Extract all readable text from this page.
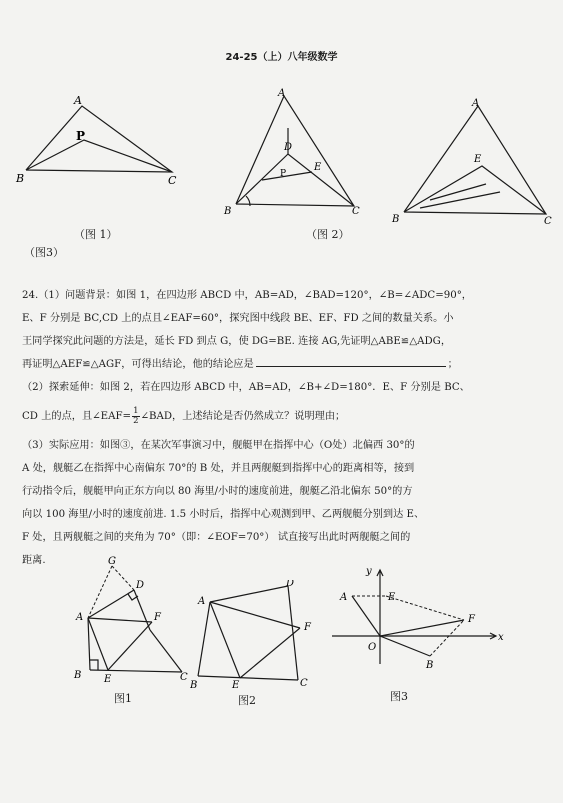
24-25（上）八年级数学
A
P
B	C
A
D
E
P
B	C
A
E
B	C
（图 1）	（图 2）
（图3）
24.（1）问题背景：如图 1，在四边形 ABCD 中，AB=AD，∠BAD=120°，∠B=∠ADC=90°，
E、F 分别是 BC,CD 上的点且∠EAF=60°，探究图中线段 BE、EF、FD 之间的数量关系。小
王同学探究此问题的方法是，延长 FD 到点 G，使 DG=BE. 连接 AG,先证明△ABE≌△ADG，
再证明△AEF≌△AGF，可得出结论，他的结论应是	；
（2）探索延伸：如图 2，若在四边形 ABCD 中，AB=AD，∠B+∠D=180°．E、F 分别是 BC、
CD 上的点，且∠EAF= $\frac{1}{2}$ ∠BAD，上述结论是否仍然成立？说明理由；
（3）实际应用：如图③，在某次军事演习中，舰艇甲在指挥中心（O处）北偏西 30°的
A 处，舰艇乙在指挥中心南偏东 70°的 B 处，并且两舰艇到指挥中心的距离相等，接到
行动指令后，舰艇甲向正东方向以 80 海里/小时的速度前进，舰艇乙沿北偏东 50°的方
向以 100 海里/小时的速度前进. 1.5 小时后，指挥中心观测到甲、乙两舰艇分别到达 E、
F 处，且两舰艇之间的夹角为 70°（即：∠EOF=70°） 试直接写出此时两舰艇之间的
距离.	G
D
A	F
B E	C
图1
A
D
F
B	E	C
图2
y
A	E
F
O
B
x
图3
